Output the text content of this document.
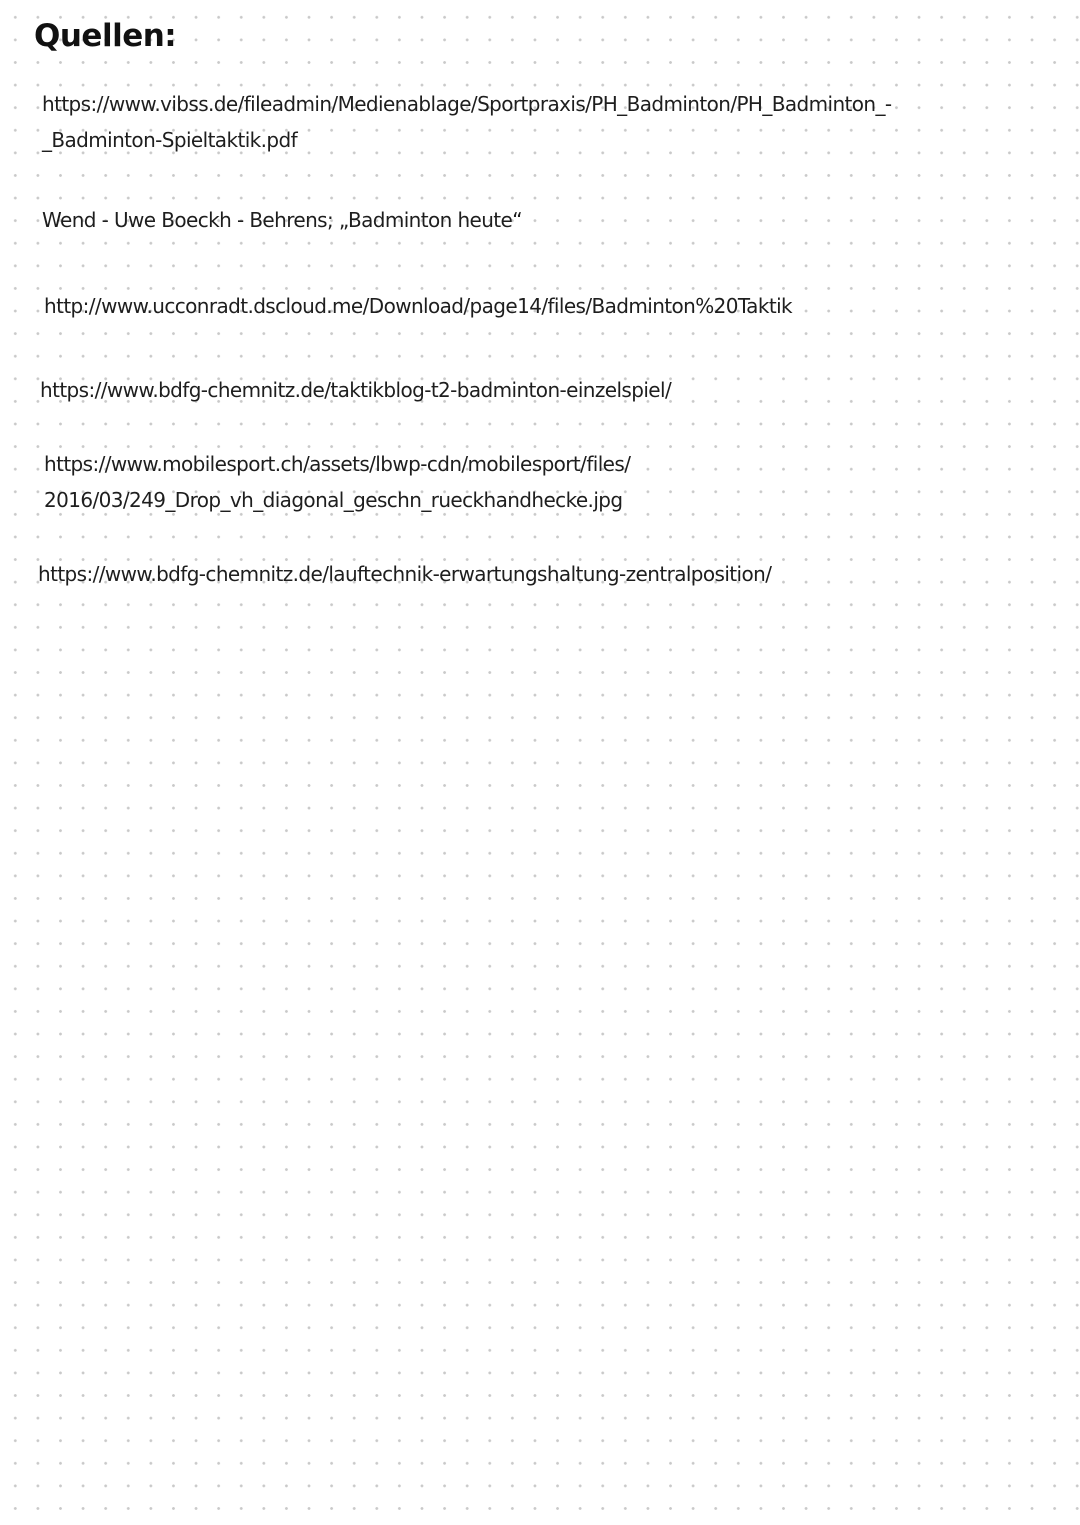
Quellen:
https://www.vibss.de/fileadmin/Medienablage/Sportpraxis/PH_Badminton/PH_Badminton_-
_Badminton-Spieltaktik.pdf
Wend - Uwe Boeckh - Behrens; „Badminton heute“
http://www.ucconradt.dscloud.me/Download/page14/files/Badminton%20Taktik
https://www.bdfg-chemnitz.de/taktikblog-t2-badminton-einzelspiel/
https://www.mobilesport.ch/assets/lbwp-cdn/mobilesport/files/
2016/03/249_Drop_vh_diagonal_geschn_rueckhandhecke.jpg
https://www.bdfg-chemnitz.de/lauftechnik-erwartungshaltung-zentralposition/
